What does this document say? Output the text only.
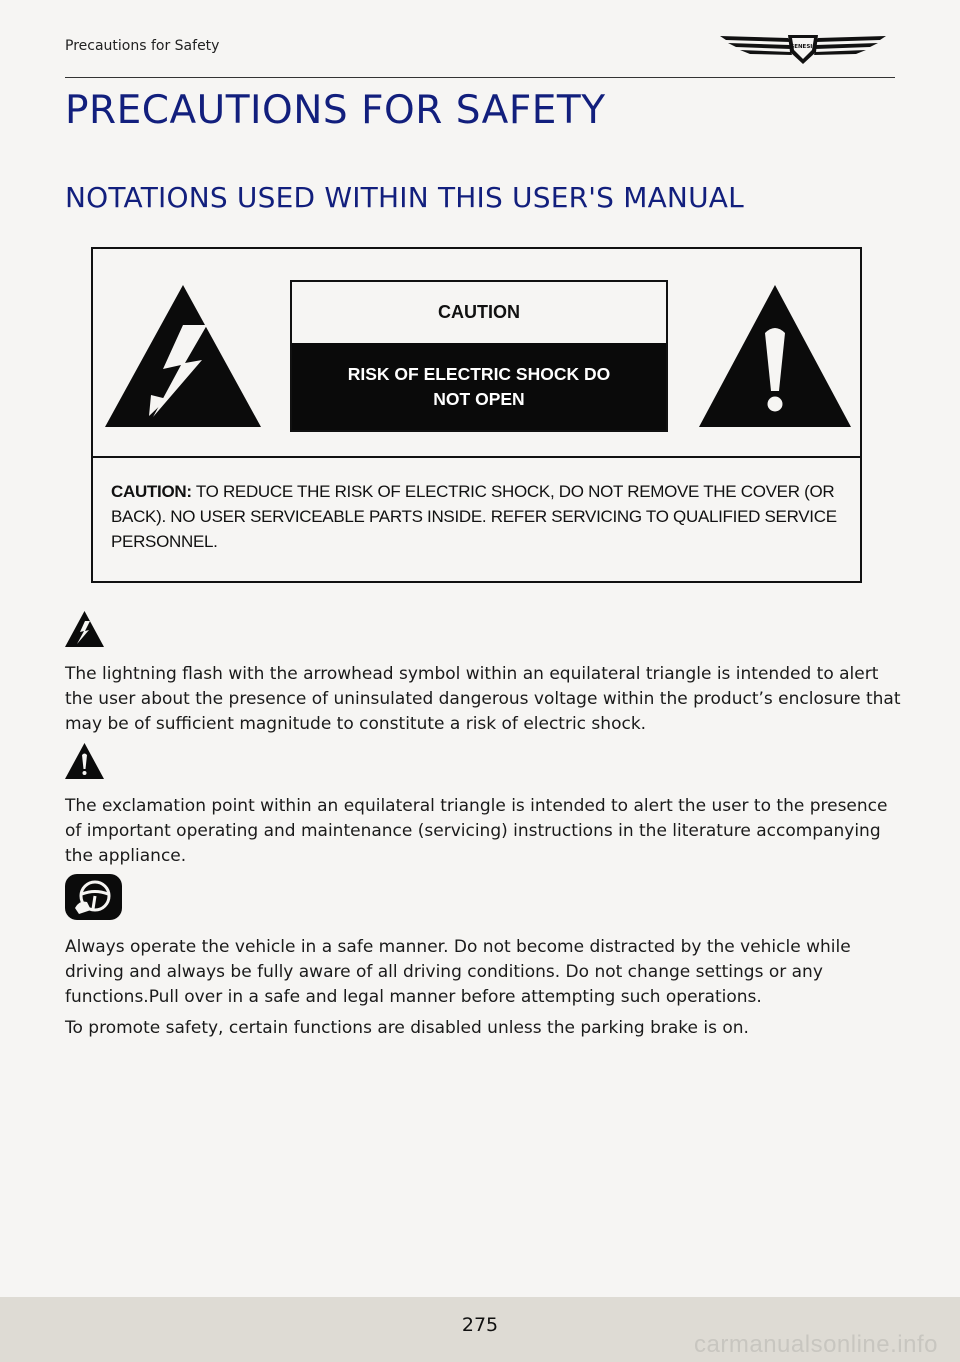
Precautions for Safety	GENESIS
PRECAUTIONS FOR SAFETY
NOTATIONS USED WITHIN THIS USER'S MANUAL
CAUTION
RISK OF ELECTRIC SHOCK DO NOT OPEN
CAUTION: TO REDUCE THE RISK OF ELECTRIC SHOCK, DO NOT REMOVE THE COVER (OR BACK). NO USER SERVICEABLE PARTS INSIDE. REFER SERVICING TO QUALIFIED SERVICE PERSONNEL.

The lightning flash with the arrowhead symbol within an equilateral triangle is intended to alert the user about the presence of uninsulated dangerous voltage within the product’s enclosure that may be of sufficient magnitude to constitute a risk of electric shock.

The exclamation point within an equilateral triangle is intended to alert the user to the presence of important operating and maintenance (servicing) instructions in the literature accompanying the appliance.

Always operate the vehicle in a safe manner. Do not become distracted by the vehicle while driving and always be fully aware of all driving conditions. Do not change settings or any functions.Pull over in a safe and legal manner before attempting such operations.

To promote safety, certain functions are disabled unless the parking brake is on.

275
carmanualsonline.info
